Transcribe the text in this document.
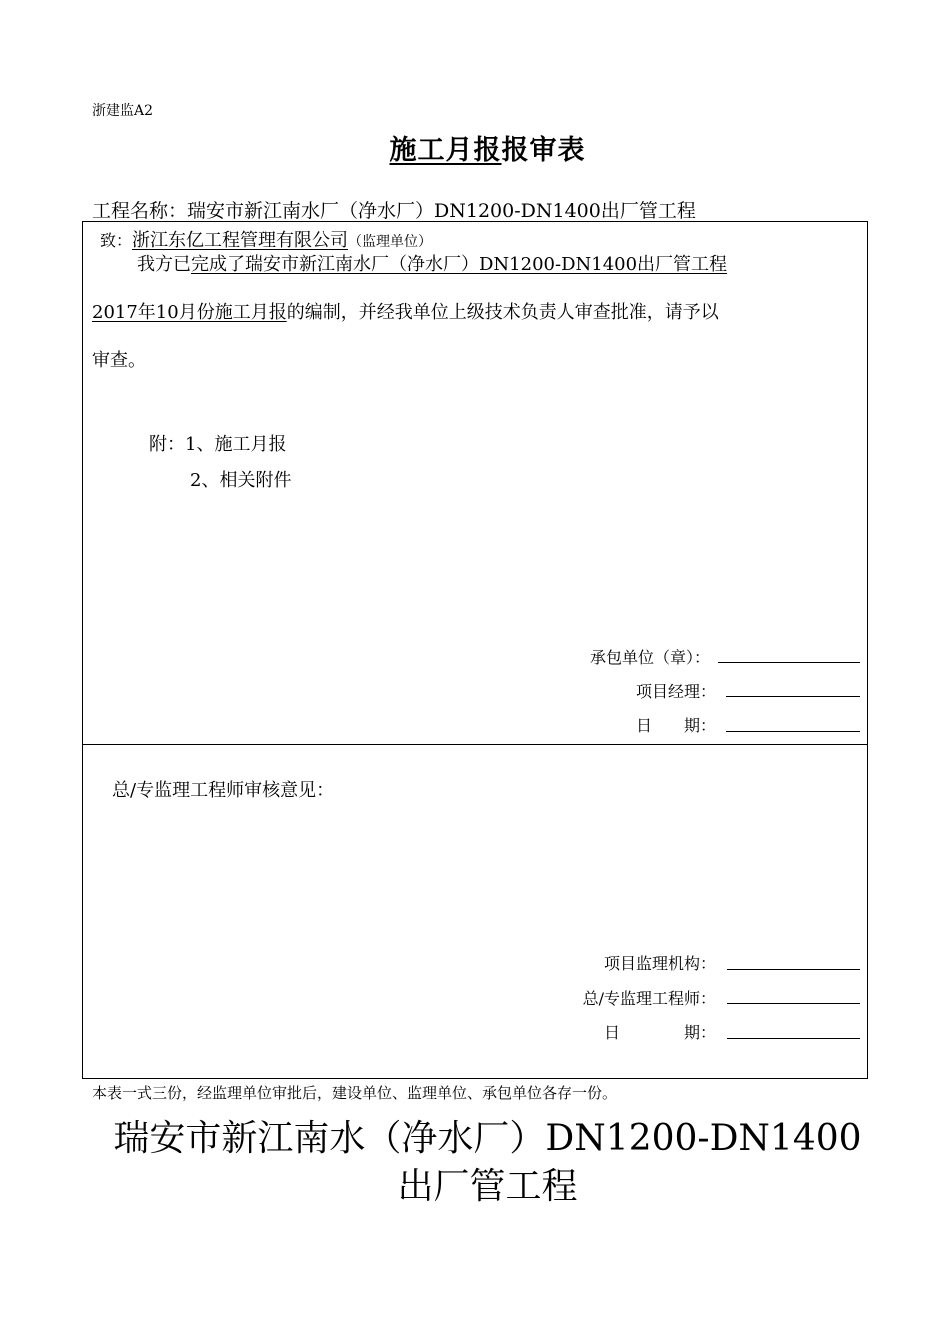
浙建监A2
施工月报报审表
工程名称：瑞安市新江南水厂（净水厂）DN1200-DN1400出厂管工程
致：浙江东亿工程管理有限公司（监理单位）
我方已完成了瑞安市新江南水厂（净水厂）DN1200-DN1400出厂管工程
2017年10月份施工月报的编制，并经我单位上级技术负责人审查批准，请予以
审查。
附：1、施工月报
2、相关附件
承包单位（章）：
项目经理：
日　　期：
总/专监理工程师审核意见：
项目监理机构：
总/专监理工程师：
日　　　　期：
本表一式三份，经监理单位审批后，建设单位、监理单位、承包单位各存一份。
瑞安市新江南水（净水厂）DN1200-DN1400
出厂管工程
